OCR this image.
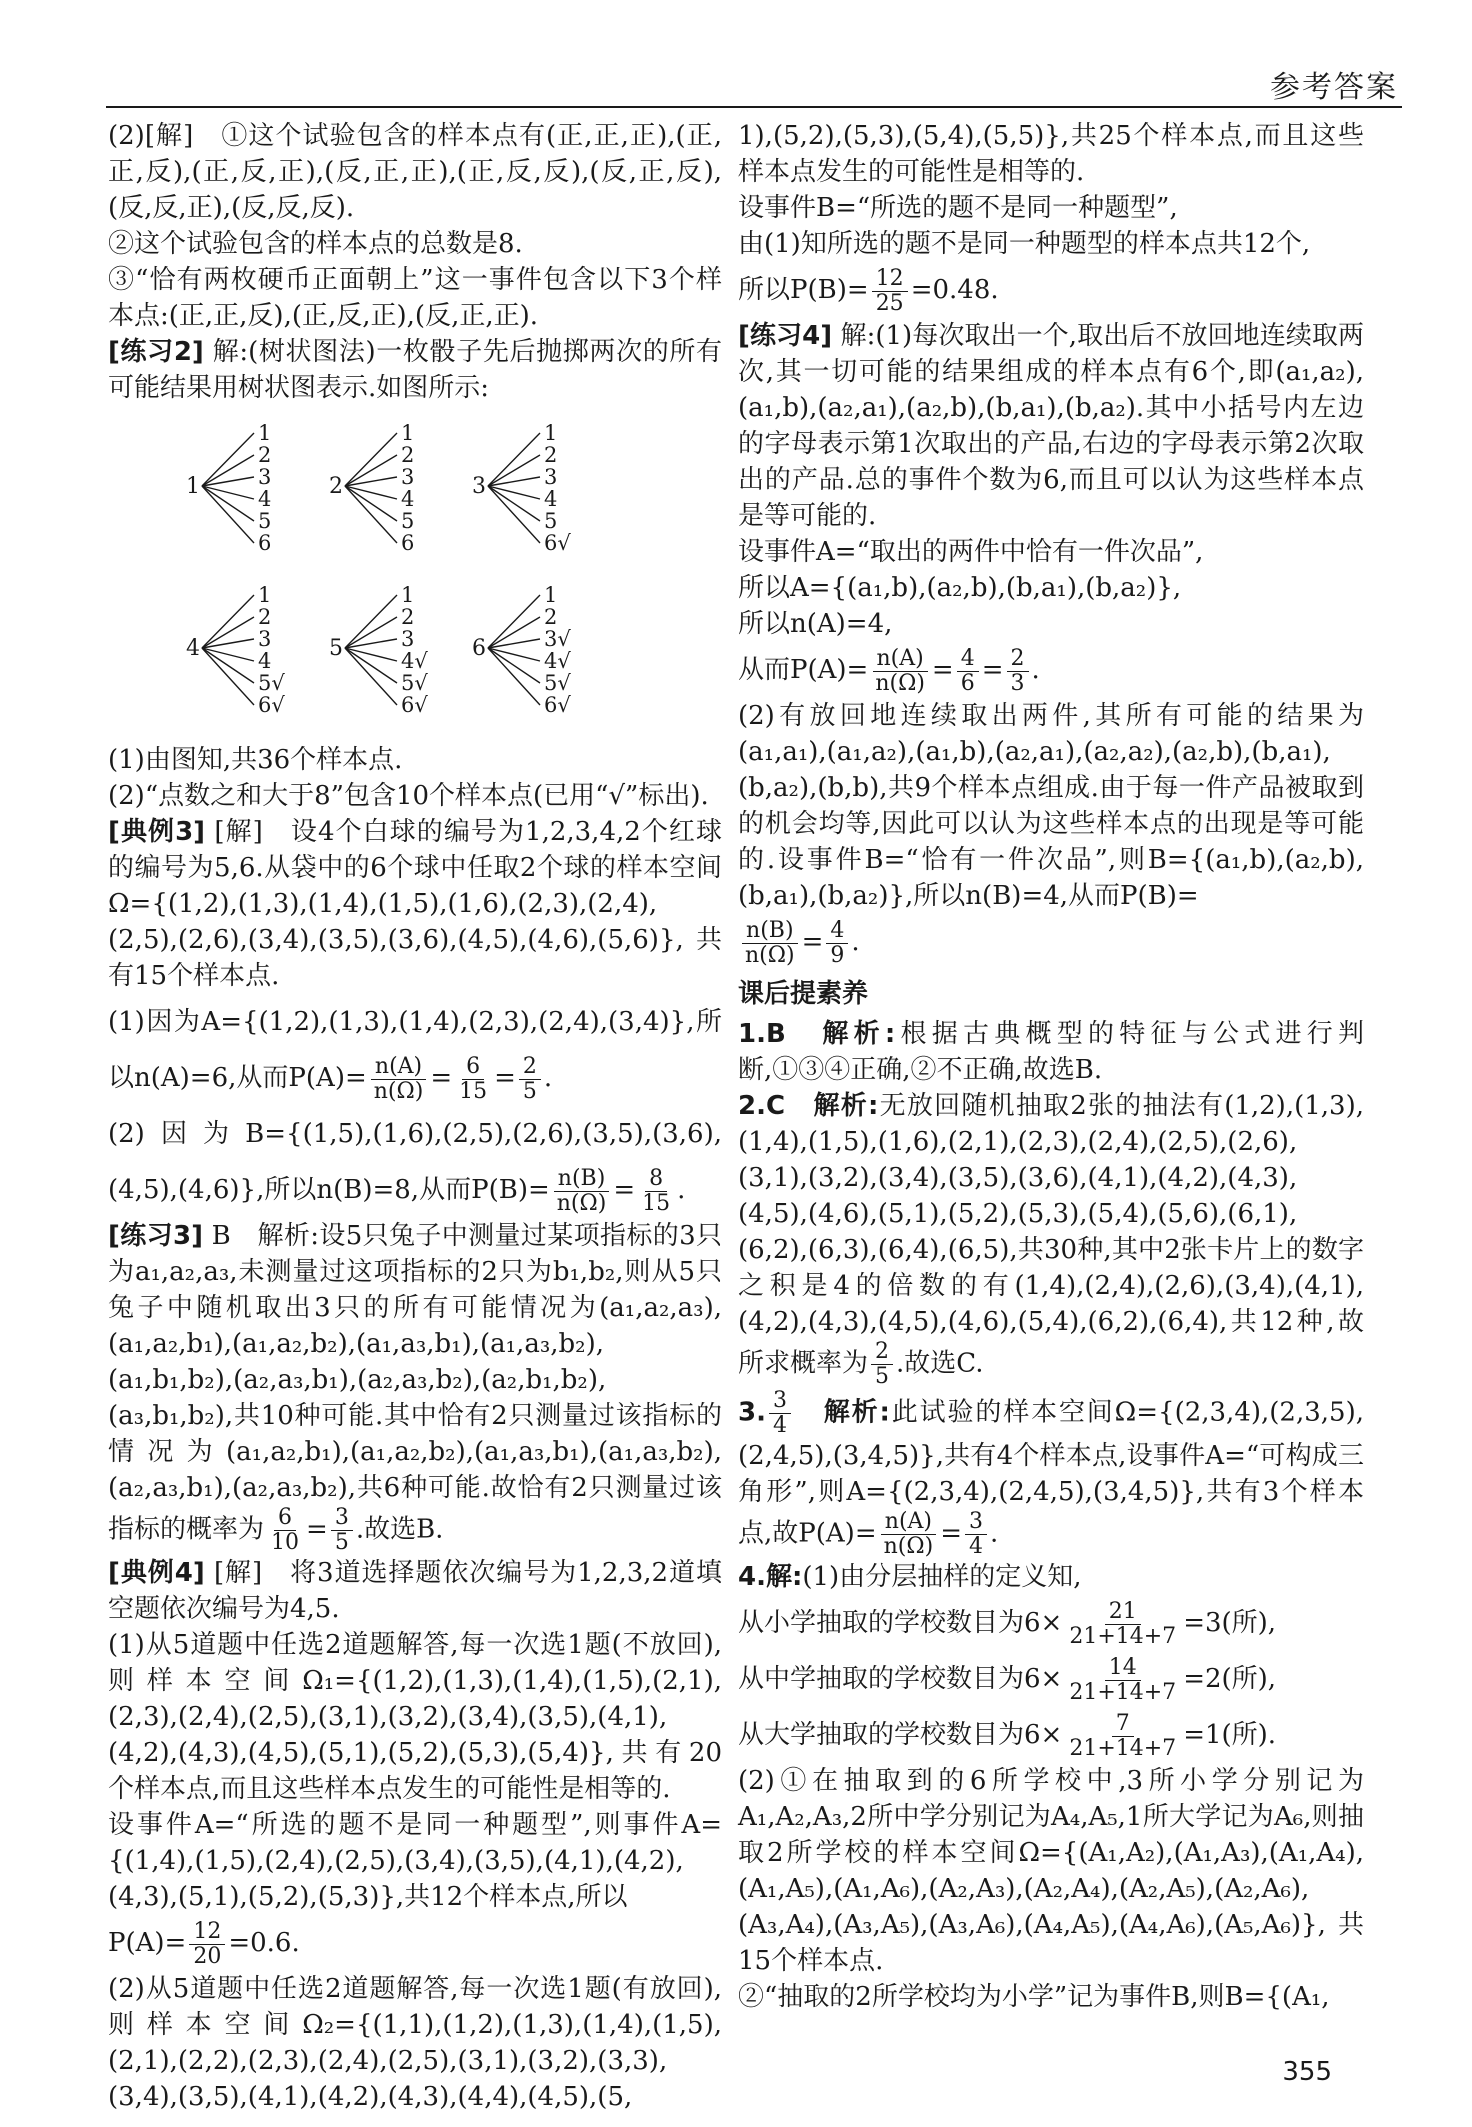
参考答案

(2)[解]　①这个试验包含的样本点有(正,正,正),(正,正,反),(正,反,正),(反,正,正),(正,反,反),(反,正,反),(反,反,正),(反,反,反).

②这个试验包含的样本点的总数是8.

③“恰有两枚硬币正面朝上”这一事件包含以下3个样本点:(正,正,反),(正,反,正),(反,正,正).

[练习2] 解:(树状图法)一枚骰子先后抛掷两次的所有可能结果用树状图表示.如图所示:

1
2
3
4
5
6
1
1
2
3
4
5
6
2
1
2
3
4
5
6√
3
1
2
3
4
5√
6√
4
1
2
3
4√
5√
6√
5
1
2
3√
4√
5√
6√
6

(1)由图知,共36个样本点.

(2)“点数之和大于8”包含10个样本点(已用“√”标出).

[典例3] [解]　设4个白球的编号为1,2,3,4,2个红球的编号为5,6.从袋中的6个球中任取2个球的样本空间Ω={(1,2),(1,3),(1,4),(1,5),(1,6),(2,3),(2,4),(2,5),(2,6),(3,4),(3,5),(3,6),(4,5),(4,6),(5,6)},共有15个样本点.

(1)因为A={(1,2),(1,3),(1,4),(2,3),(2,4),(3,4)},所以n(A)=6,从而$P(A)= \frac{n(A)}{n(\Omega)} = \frac{6}{15} = \frac{2}{5}$ .

(2)因为B={(1,5),(1,6),(2,5),(2,6),(3,5),(3,6),(4,5),(4,6)},所以n(B)=8,从而$P(B)= \frac{n(B)}{n(\Omega)} = \frac{8}{15}$ .

[练习3] B　解析:设5只兔子中测量过某项指标的3只为a₁,a₂,a₃,未测量过这项指标的2只为b₁,b₂,则从5只兔子中随机取出3只的所有可能情况为(a₁,a₂,a₃),(a₁,a₂,b₁),(a₁,a₂,b₂),(a₁,a₃,b₁),(a₁,a₃,b₂),(a₁,b₁,b₂),(a₂,a₃,b₁),(a₂,a₃,b₂),(a₂,b₁,b₂),(a₃,b₁,b₂),共10种可能.其中恰有2只测量过该指标的情况为(a₁,a₂,b₁),(a₁,a₂,b₂),(a₁,a₃,b₁),(a₁,a₃,b₂),(a₂,a₃,b₁),(a₂,a₃,b₂),共6种可能.故恰有2只测量过该指标的概率为 $\frac{6}{10} = \frac{3}{5}$ .故选B.

[典例4] [解]　将3道选择题依次编号为1,2,3,2道填空题依次编号为4,5.

(1)从5道题中任选2道题解答,每一次选1题(不放回),则样本空间Ω₁={(1,2),(1,3),(1,4),(1,5),(2,1),(2,3),(2,4),(2,5),(3,1),(3,2),(3,4),(3,5),(4,1),(4,2),(4,3),(4,5),(5,1),(5,2),(5,3),(5,4)},共有20个样本点,而且这些样本点发生的可能性是相等的.

设事件A=“所选的题不是同一种题型”,则事件A={(1,4),(1,5),(2,4),(2,5),(3,4),(3,5),(4,1),(4,2),(4,3),(5,1),(5,2),(5,3)},共12个样本点,所以

$P(A)= \frac{12}{20} =0.6$.

(2)从5道题中任选2道题解答,每一次选1题(有放回),则样本空间Ω₂={(1,1),(1,2),(1,3),(1,4),(1,5),(2,1),(2,2),(2,3),(2,4),(2,5),(3,1),(3,2),(3,3),(3,4),(3,5),(4,1),(4,2),(4,3),(4,4),(4,5),(5,

1),(5,2),(5,3),(5,4),(5,5)},共25个样本点,而且这些样本点发生的可能性是相等的.

设事件B=“所选的题不是同一种题型”,

由(1)知所选的题不是同一种题型的样本点共12个,

所以$P(B)= \frac{12}{25} =0.48$.

[练习4] 解:(1)每次取出一个,取出后不放回地连续取两次,其一切可能的结果组成的样本点有6个,即(a₁,a₂),(a₁,b),(a₂,a₁),(a₂,b),(b,a₁),(b,a₂).其中小括号内左边的字母表示第1次取出的产品,右边的字母表示第2次取出的产品.总的事件个数为6,而且可以认为这些样本点是等可能的.

设事件A=“取出的两件中恰有一件次品”,

所以A={(a₁,b),(a₂,b),(b,a₁),(b,a₂)},

所以n(A)=4,

从而$P(A)= \frac{n(A)}{n(\Omega)} = \frac{4}{6} = \frac{2}{3}$ .

(2)有放回地连续取出两件,其所有可能的结果为(a₁,a₁),(a₁,a₂),(a₁,b),(a₂,a₁),(a₂,a₂),(a₂,b),(b,a₁),(b,a₂),(b,b),共9个样本点组成.由于每一件产品被取到的机会均等,因此可以认为这些样本点的出现是等可能的.设事件B=“恰有一件次品”,则B={(a₁,b),(a₂,b),(b,a₁),(b,a₂)},所以n(B)=4,从而P(B)=

$\frac{n(B)}{n(\Omega)} = \frac{4}{9}$ .

课后提素养

1.B　 解析:根据古典概型的特征与公式进行判断,①③④正确,②不正确,故选B.

2.C　 解析:无放回随机抽取2张的抽法有(1,2),(1,3),(1,4),(1,5),(1,6),(2,1),(2,3),(2,4),(2,5),(2,6),(3,1),(3,2),(3,4),(3,5),(3,6),(4,1),(4,2),(4,3),(4,5),(4,6),(5,1),(5,2),(5,3),(5,4),(5,6),(6,1),(6,2),(6,3),(6,4),(6,5),共30种,其中2张卡片上的数字之积是4的倍数的有(1,4),(2,4),(2,6),(3,4),(4,1),(4,2),(4,3),(4,5),(4,6),(5,4),(6,2),(6,4),共12种,故所求概率为 $\frac{2}{5}$ .故选C.

3. $\frac{3}{4}$
　 解析:此试验的样本空间Ω={(2,3,4),(2,3,5),(2,4,5),(3,4,5)},共有4个样本点,设事件A=“可构成三角形”,则A={(2,3,4),(2,4,5),(3,4,5)},共有3个样本点,故$P(A)= \frac{n(A)}{n(\Omega)} = \frac{3}{4}$ .

4.解:(1)由分层抽样的定义知,

从小学抽取的学校数目为$6\times \frac{21}{21+14+7} =3$(所),

从中学抽取的学校数目为$6\times \frac{14}{21+14+7} =2$(所),

从大学抽取的学校数目为$6\times \frac{7}{21+14+7} =1$(所).

(2)①在抽取到的6所学校中,3所小学分别记为A₁,A₂,A₃,2所中学分别记为A₄,A₅,1所大学记为A₆,则抽取2所学校的样本空间Ω={(A₁,A₂),(A₁,A₃),(A₁,A₄),(A₁,A₅),(A₁,A₆),(A₂,A₃),(A₂,A₄),(A₂,A₅),(A₂,A₆),(A₃,A₄),(A₃,A₅),(A₃,A₆),(A₄,A₅),(A₄,A₆),(A₅,A₆)},共15个样本点.

②“抽取的2所学校均为小学”记为事件B,则B={(A₁,

355
